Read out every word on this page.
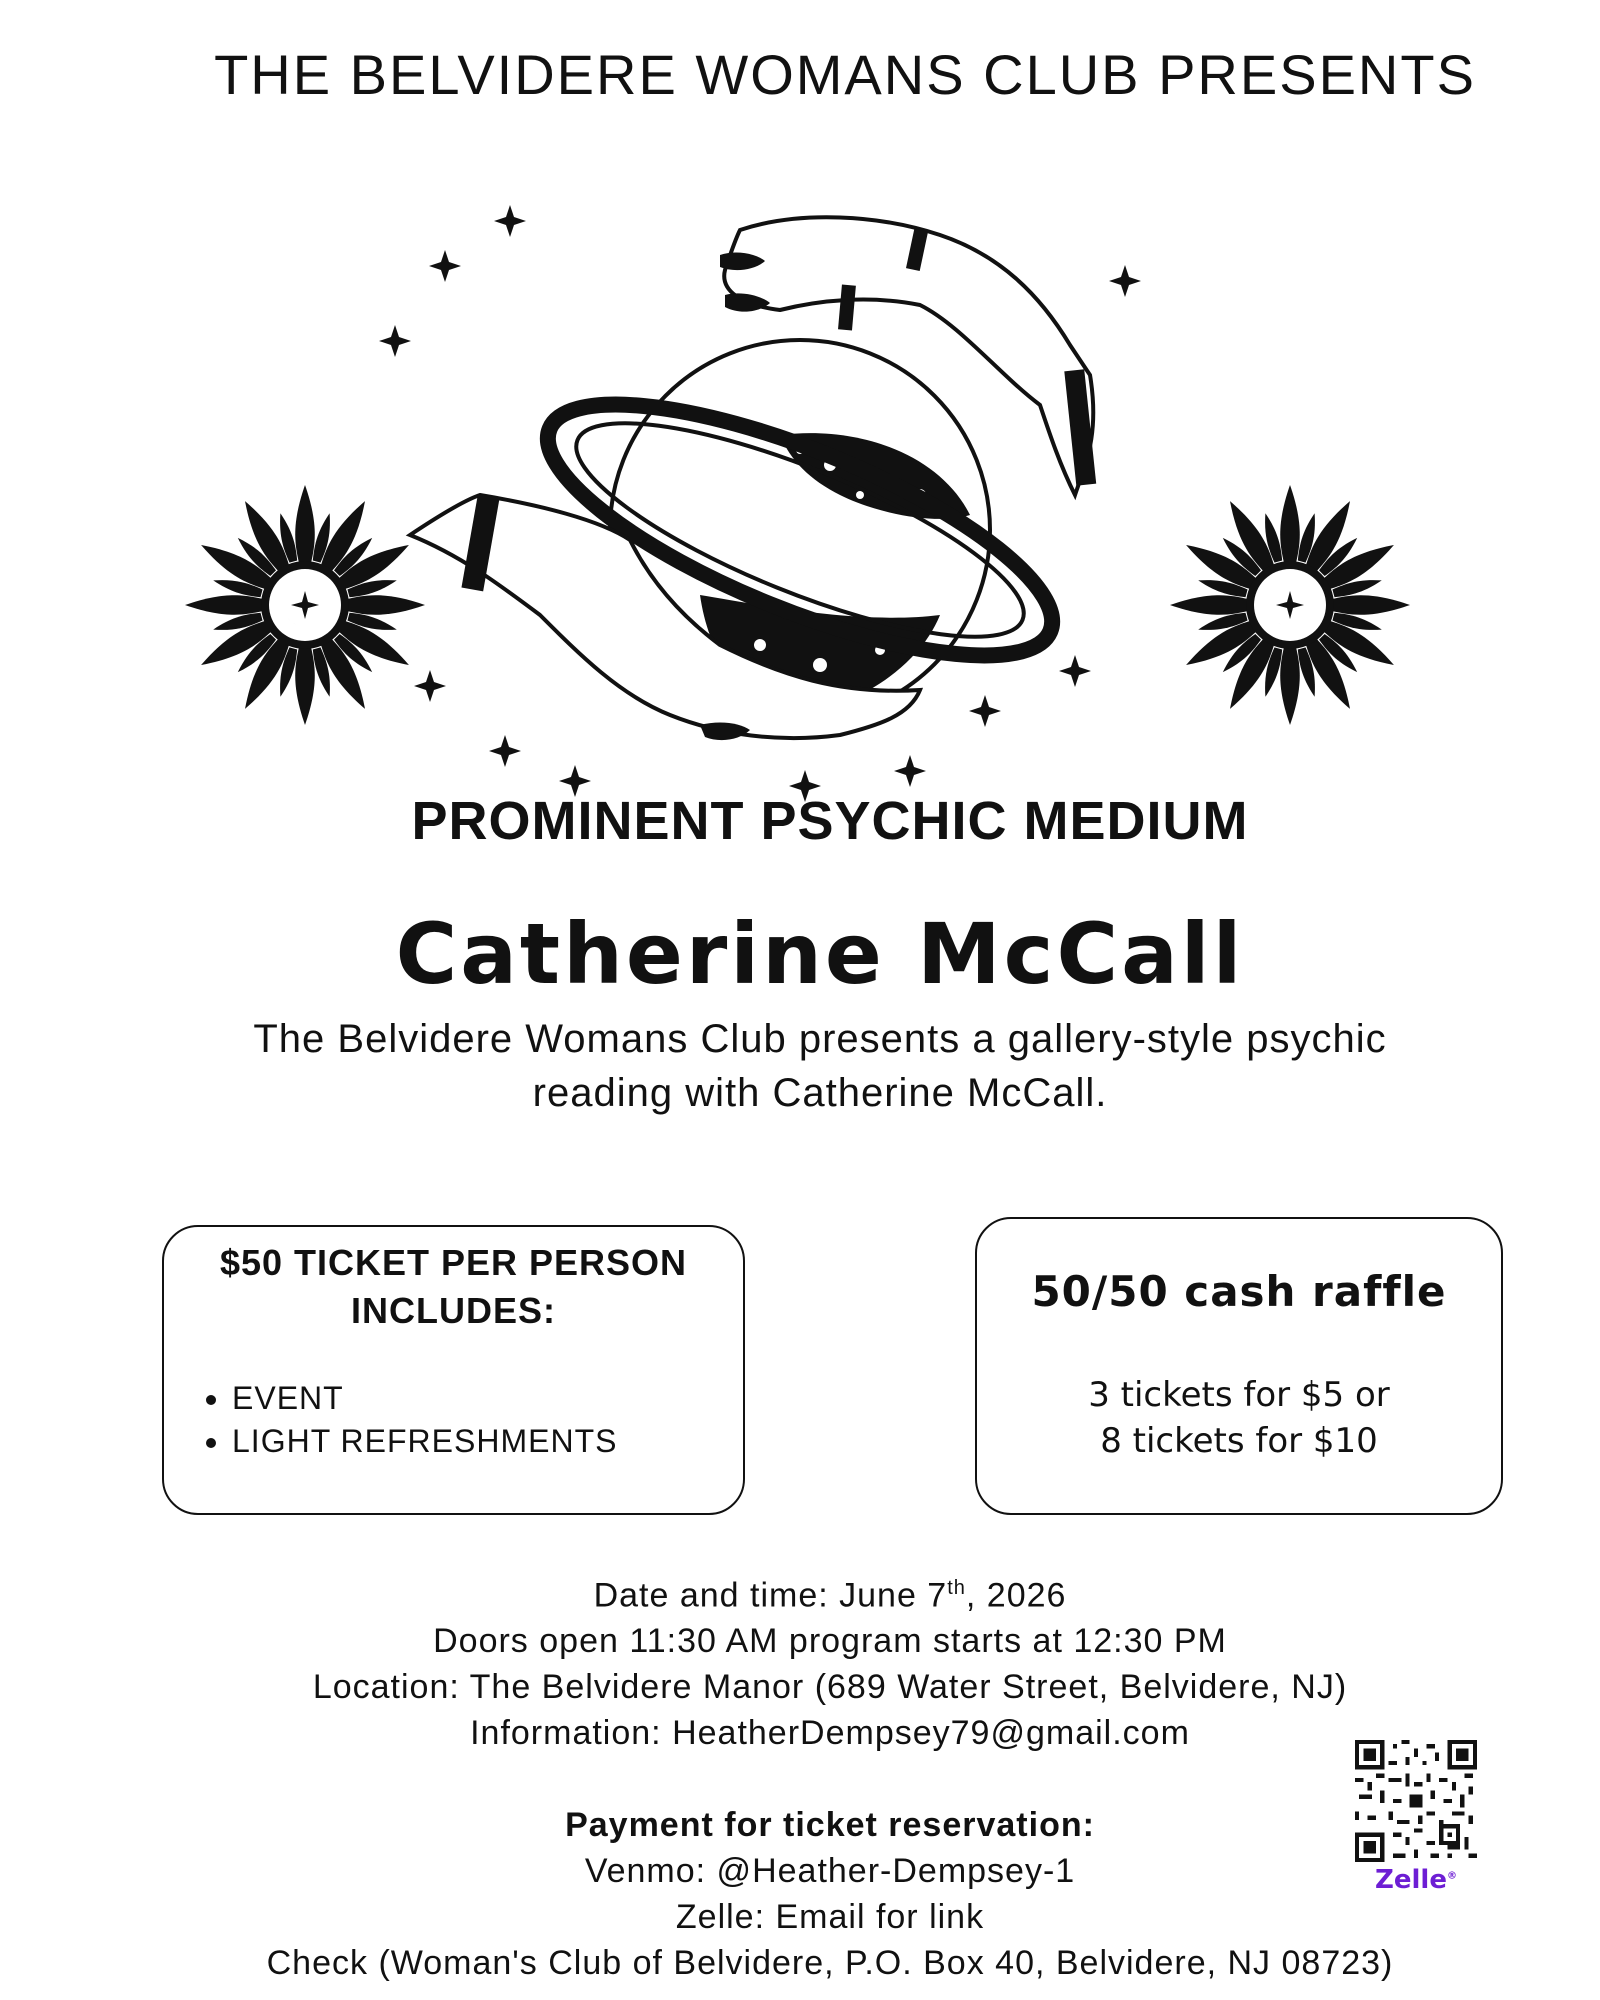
THE BELVIDERE WOMANS CLUB PRESENTS
PROMINENT PSYCHIC MEDIUM
Catherine McCall
The Belvidere Womans Club presents a gallery-style psychic reading with Catherine McCall.
$50 TICKET PER PERSON INCLUDES:
• EVENT
• LIGHT REFRESHMENTS
50/50 cash raffle
3 tickets for $5 or
8 tickets for $10
Date and time: June 7th, 2026
Doors open 11:30 AM program starts at 12:30 PM
Location: The Belvidere Manor (689 Water Street, Belvidere, NJ)
Information: HeatherDempsey79@gmail.com
Payment for ticket reservation:
Venmo: @Heather-Dempsey-1
Zelle: Email for link
Check (Woman's Club of Belvidere, P.O. Box 40, Belvidere, NJ 08723)
Zelle®
